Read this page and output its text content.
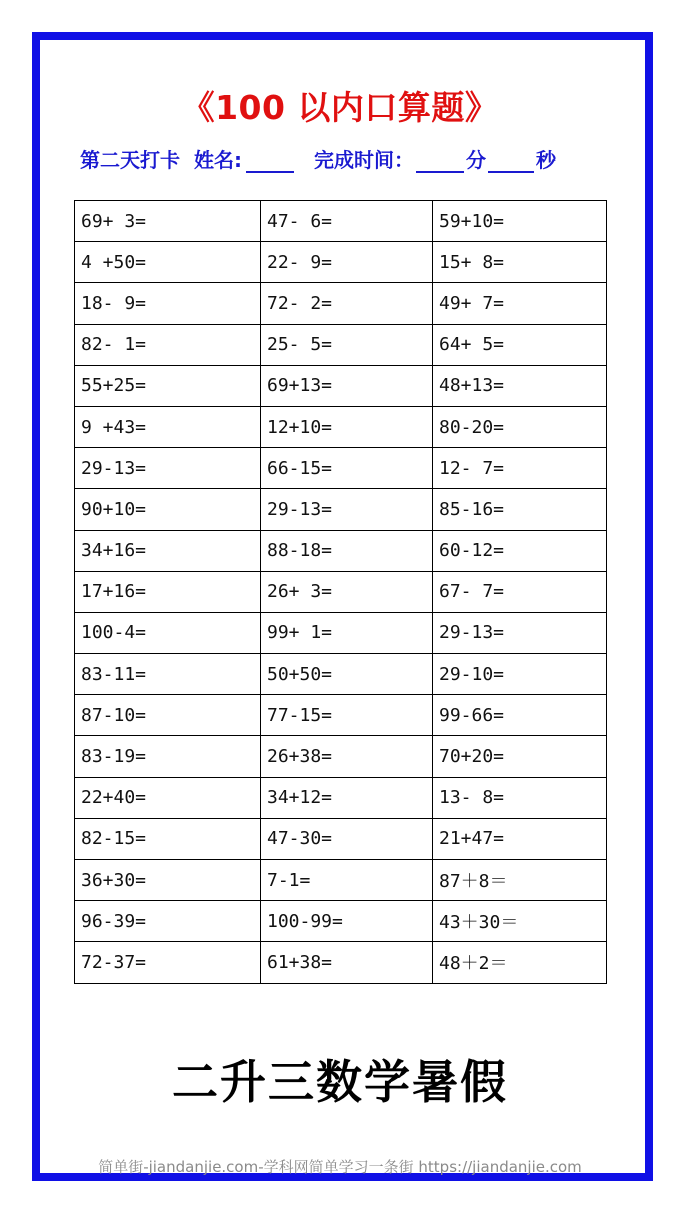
《100 以内口算题》
第二天打卡 姓名:	完成时间：	分	秒
69+ 3=	47- 6=	59+10=
4 +50=	22- 9=	15+ 8=
18- 9=	72- 2=	49+ 7=
82- 1=	25- 5=	64+ 5=
55+25=	69+13=	48+13=
9 +43=	12+10=	80-20=
29-13=	66-15=	12- 7=
90+10=	29-13=	85-16=
34+16=	88-18=	60-12=
17+16=	26+ 3=	67- 7=
100-4=	99+ 1=	29-13=
83-11=	50+50=	29-10=
87-10=	77-15=	99-66=
83-19=	26+38=	70+20=
22+40=	34+12=	13- 8=
82-15=	47-30=	21+47=
36+30=	7-1=	87＋8＝
96-39=	100-99=	43＋30＝
72-37=	61+38=	48＋2＝
二升三数学暑假
简单街-jiandanjie.com-学科网简单学习一条街 https://jiandanjie.com
